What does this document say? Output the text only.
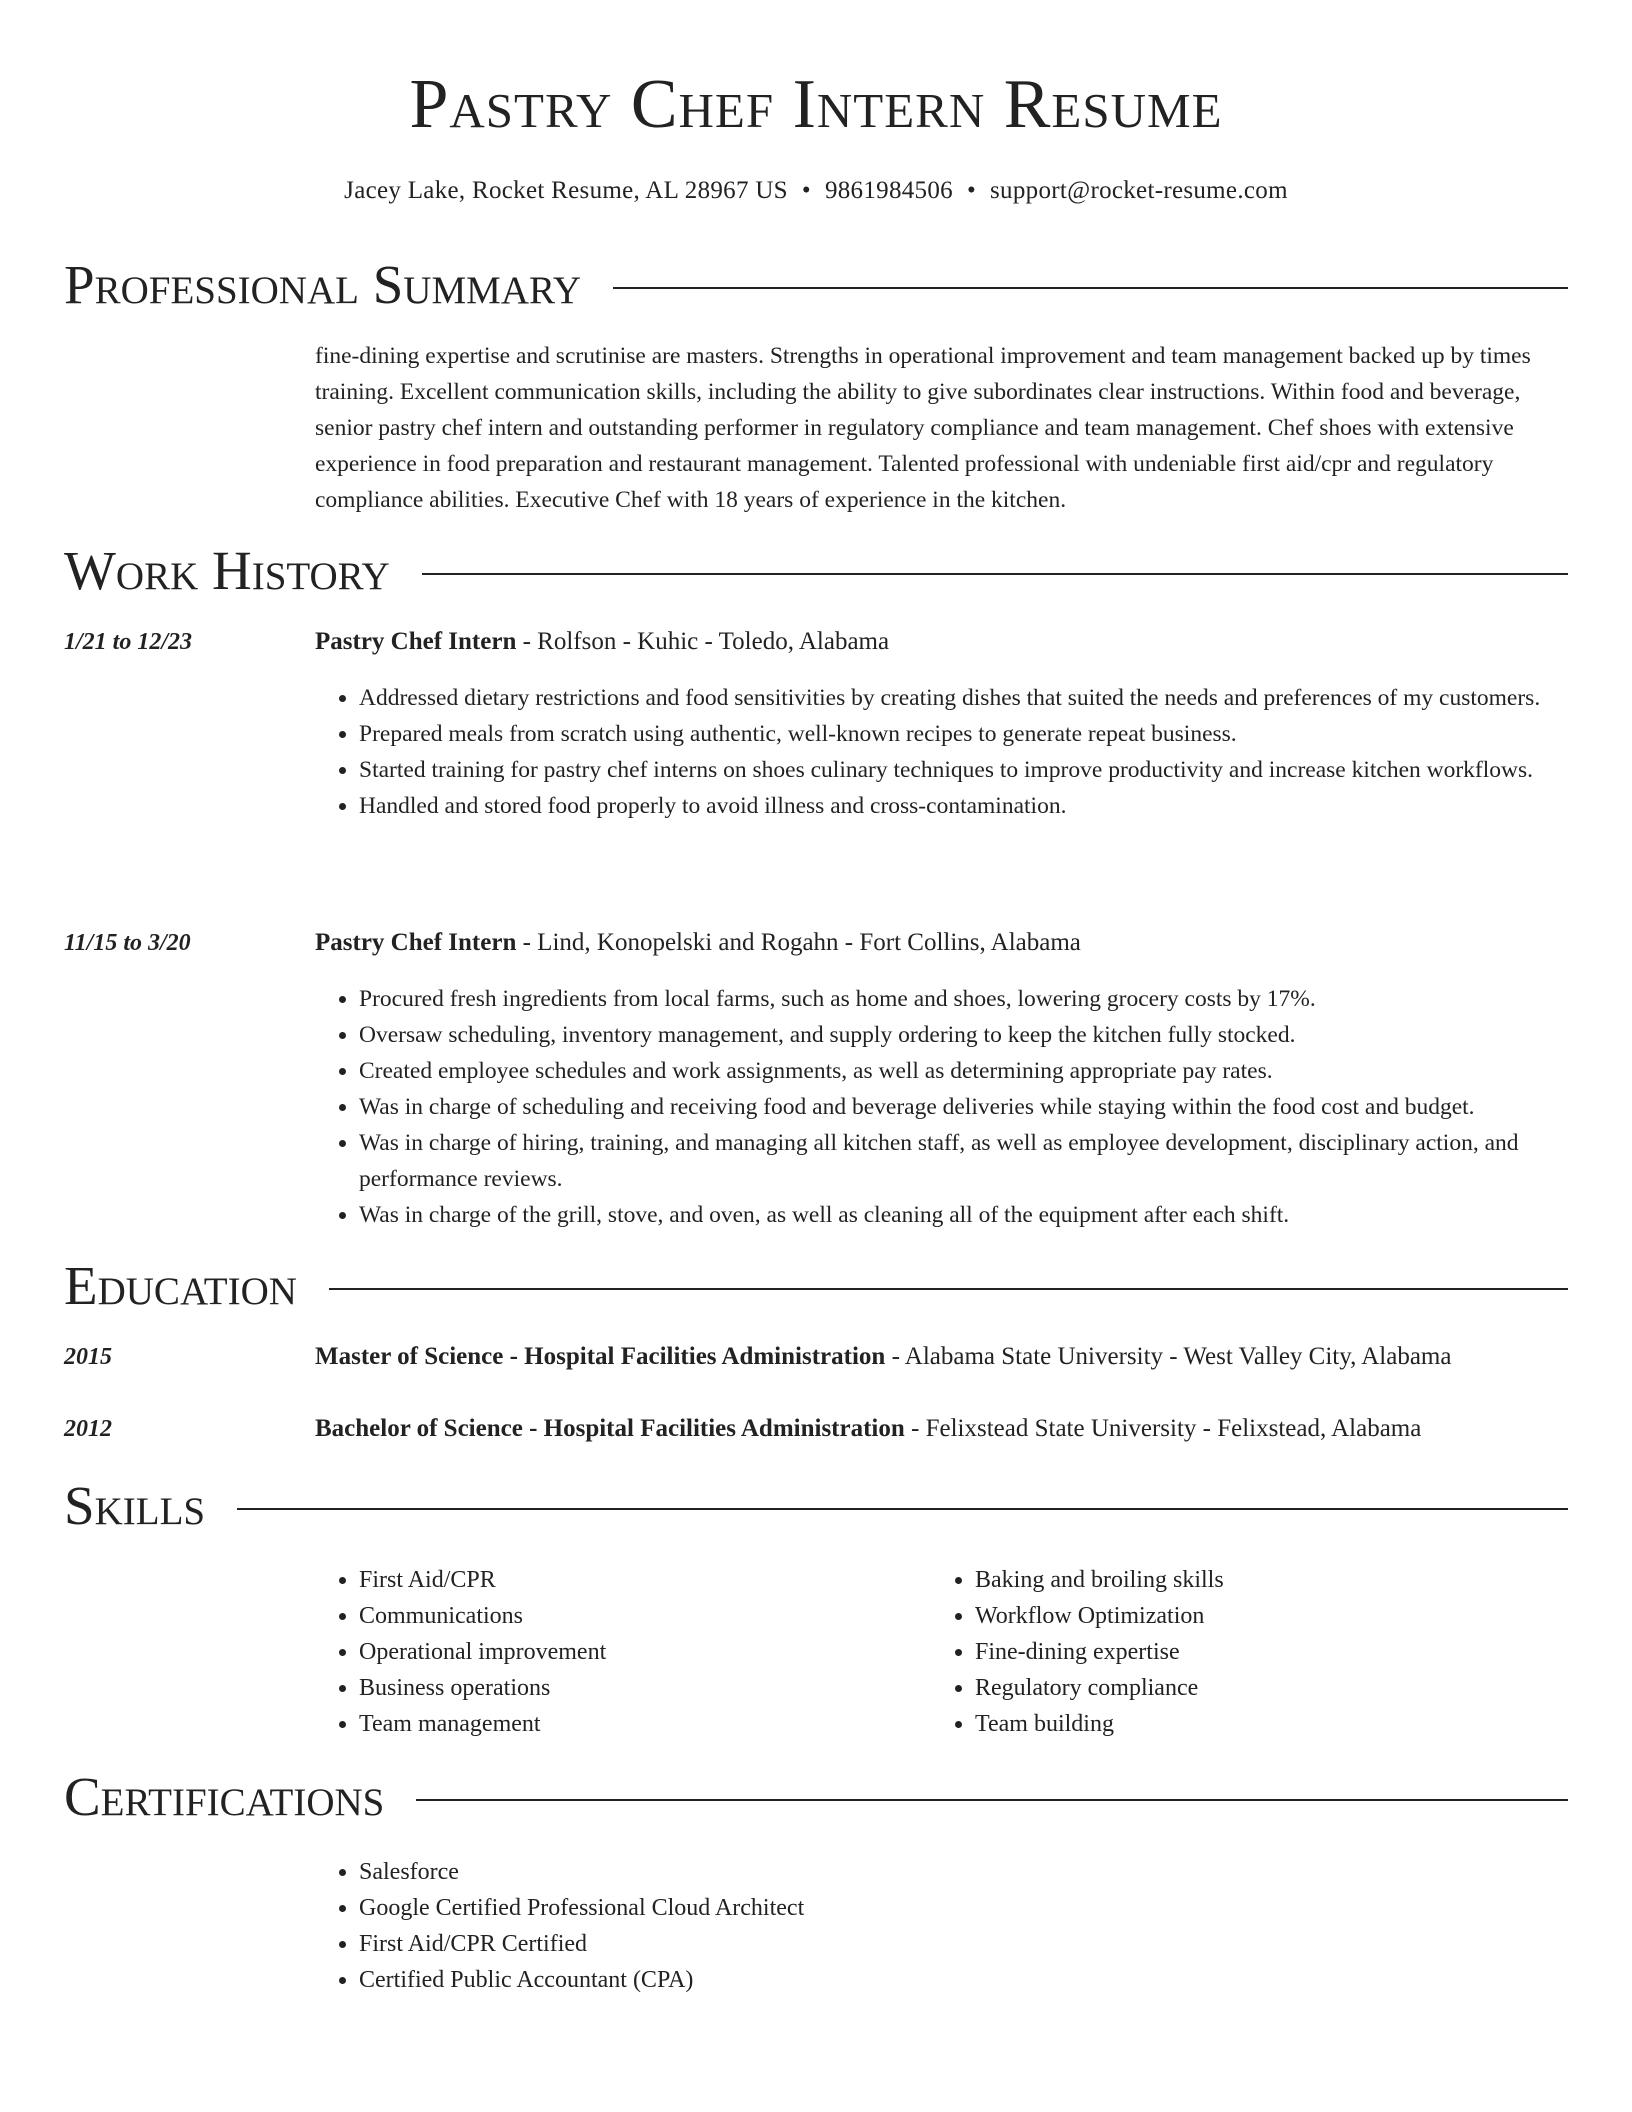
Pastry Chef Intern Resume
Jacey Lake, Rocket Resume, AL 28967 US • 9861984506 • support@rocket-resume.com
Professional Summary

fine-dining expertise and scrutinise are masters. Strengths in operational improvement and team management backed up by times training. Excellent communication skills, including the ability to give subordinates clear instructions. Within food and beverage, senior pastry chef intern and outstanding performer in regulatory compliance and team management. Chef shoes with extensive experience in food preparation and restaurant management. Talented professional with undeniable first aid/cpr and regulatory compliance abilities. Executive Chef with 18 years of experience in the kitchen.

Work History
1/21 to 12/23	Pastry Chef Intern - Rolfson - Kuhic - Toledo, Alabama
• Addressed dietary restrictions and food sensitivities by creating dishes that suited the needs and preferences of my customers.
• Prepared meals from scratch using authentic, well-known recipes to generate repeat business.
• Started training for pastry chef interns on shoes culinary techniques to improve productivity and increase kitchen workflows.
• Handled and stored food properly to avoid illness and cross-contamination.
11/15 to 3/20	Pastry Chef Intern - Lind, Konopelski and Rogahn - Fort Collins, Alabama
• Procured fresh ingredients from local farms, such as home and shoes, lowering grocery costs by 17%.
• Oversaw scheduling, inventory management, and supply ordering to keep the kitchen fully stocked.
• Created employee schedules and work assignments, as well as determining appropriate pay rates.
• Was in charge of scheduling and receiving food and beverage deliveries while staying within the food cost and budget.
• Was in charge of hiring, training, and managing all kitchen staff, as well as employee development, disciplinary action, and performance reviews.
• Was in charge of the grill, stove, and oven, as well as cleaning all of the equipment after each shift.
Education
2015	Master of Science - Hospital Facilities Administration - Alabama State University - West Valley City, Alabama
2012	Bachelor of Science - Hospital Facilities Administration - Felixstead State University - Felixstead, Alabama
Skills
• First Aid/CPR
• Communications
• Operational improvement
• Business operations
• Team management
• Baking and broiling skills
• Workflow Optimization
• Fine-dining expertise
• Regulatory compliance
• Team building
Certifications
• Salesforce
• Google Certified Professional Cloud Architect
• First Aid/CPR Certified
• Certified Public Accountant (CPA)
